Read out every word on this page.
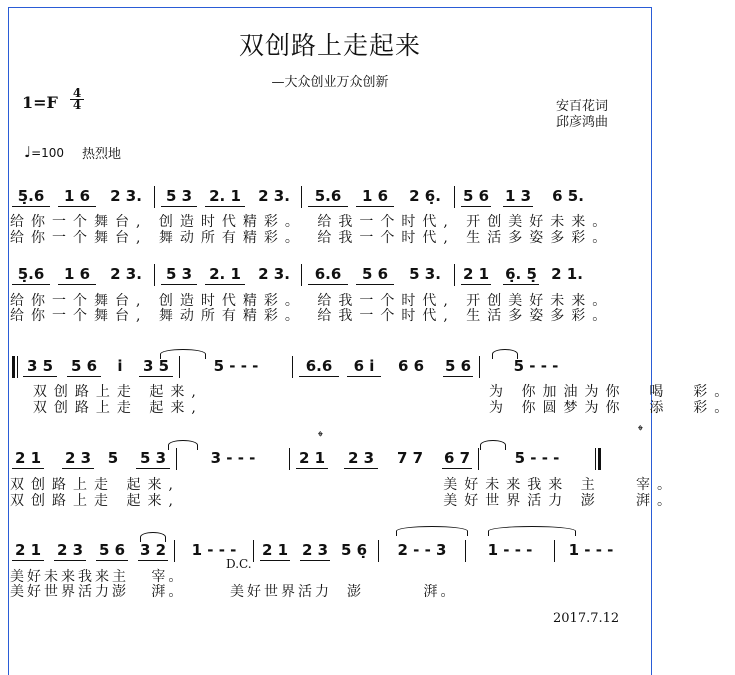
双创路上走起来
—大众创业万众创新
1=F 4
4	安百花词
邱彦鸿曲
♩=100 热烈地
5̣.6	1 6	2 3.	5 3	2. 1	2 3.	5.6	1 6	2 6̣.	5 6 1 3	6 5.
给你一个舞台, 创造时代精彩。 给我一个时代, 开创美好未来。
给你一个舞台, 舞动所有精彩。 给我一个时代, 生活多姿多彩。
5̣.6	1 6	2 3.	5 3	2. 1	2 3.	6.6	5 6	5 3.	2 1 6̣. 5̣ 2 1.
给你一个舞台, 创造时代精彩。 给我一个时代, 开创美好未来。
给你一个舞台, 舞动所有精彩。 给我一个时代, 生活多姿多彩。
3 5 5 6 i 3 5	5 - - -	6.6	6 i	6 6	5 6	5 - - -
双创路上走 起来,                         为 你加油为你  喝  彩。
双创路上走 起来,                         为 你圆梦为你  添  彩。
2 1 2 3 5 5 3	3 - - -	2 1 2 3	7 7	6 7	5 - - -
𝄌	𝄌
双创路上走 起来,                       美好未来我来 主   宰。
双创路上走 起来,                       美好世界活力 澎   湃。
2 1 2 3 5 6 3 2	1 - - -	2 1 2 3 5 6̣	2 - - 3	1 - - -	1 - - -
D.C.
美好未来我来主   宰。
美好世界活力澎   湃。      美好世界活力  澎        湃。
2017.7.12
